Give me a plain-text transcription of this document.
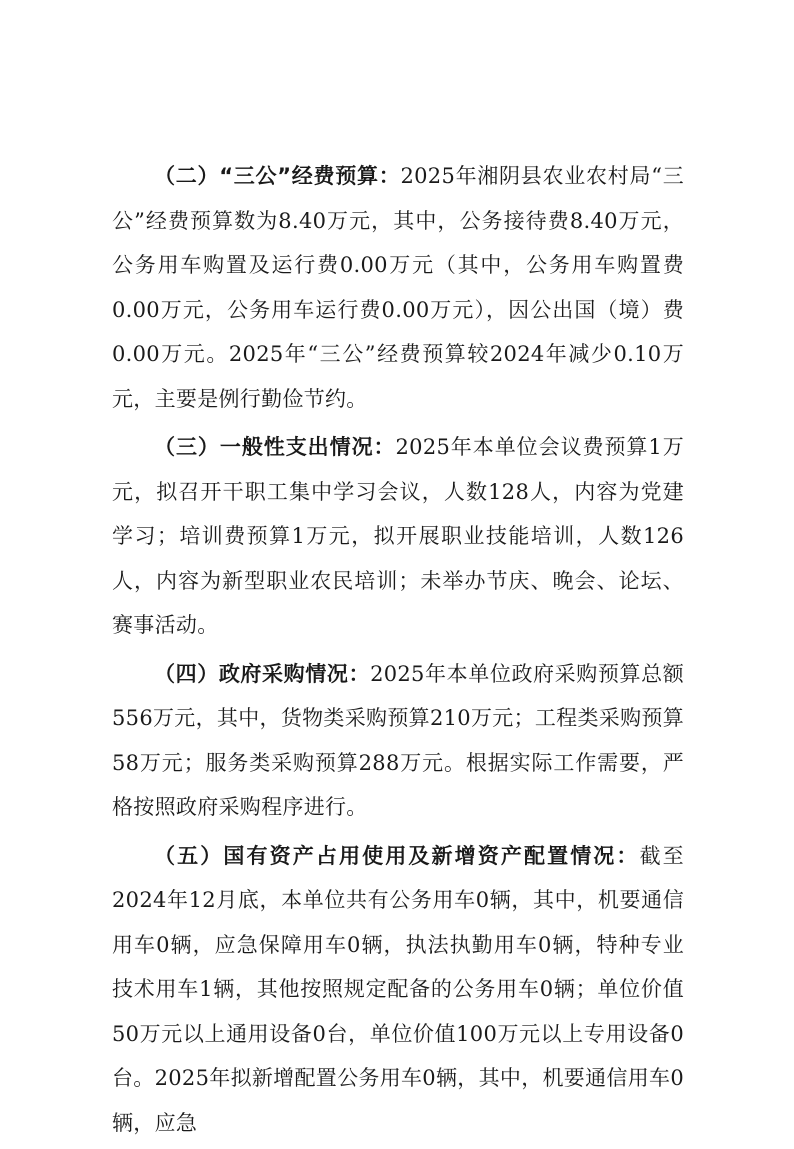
（二）“三公”经费预算：2025年湘阴县农业农村局“三公”经费预算数为8.40万元，其中，公务接待费8.40万元，公务用车购置及运行费0.00万元（其中，公务用车购置费0.00万元，公务用车运行费0.00万元），因公出国（境）费0.00万元。2025年“三公”经费预算较2024年减少0.10万元，主要是例行勤俭节约。

（三）一般性支出情况：2025年本单位会议费预算1万元，拟召开干职工集中学习会议，人数128人，内容为党建学习；培训费预算1万元，拟开展职业技能培训，人数126人，内容为新型职业农民培训；未举办节庆、晚会、论坛、赛事活动。

（四）政府采购情况：2025年本单位政府采购预算总额556万元，其中，货物类采购预算210万元；工程类采购预算58万元；服务类采购预算288万元。根据实际工作需要，严格按照政府采购程序进行。

（五）国有资产占用使用及新增资产配置情况：截至2024年12月底，本单位共有公务用车0辆，其中，机要通信用车0辆，应急保障用车0辆，执法执勤用车0辆，特种专业技术用车1辆，其他按照规定配备的公务用车0辆；单位价值50万元以上通用设备0台，单位价值100万元以上专用设备0台。2025年拟新增配置公务用车0辆，其中，机要通信用车0辆，应急
